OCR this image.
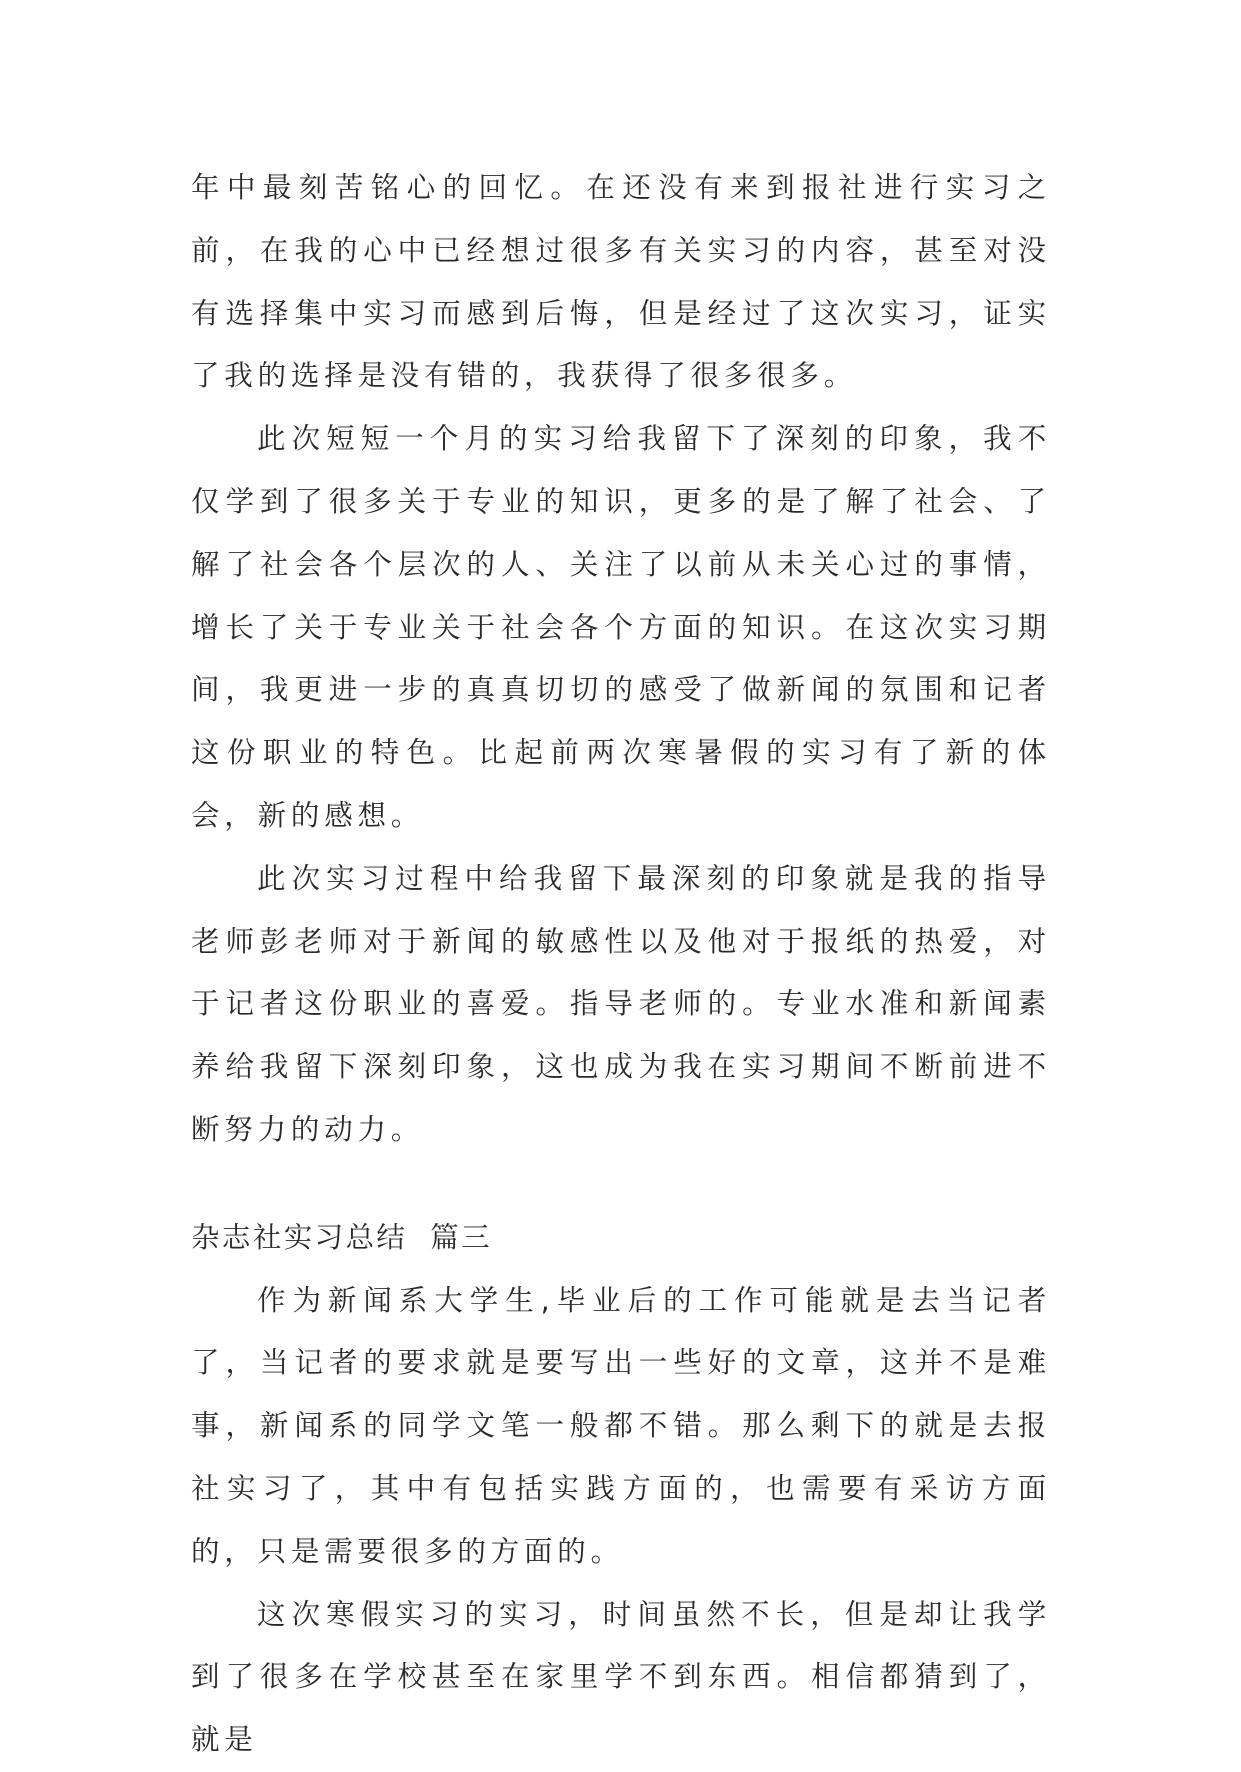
年中最刻苦铭心的回忆。在还没有来到报社进行实习之前，在我的心中已经想过很多有关实习的内容，甚至对没有选择集中实习而感到后悔，但是经过了这次实习，证实了我的选择是没有错的，我获得了很多很多。

此次短短一个月的实习给我留下了深刻的印象，我不仅学到了很多关于专业的知识，更多的是了解了社会、了解了社会各个层次的人、关注了以前从未关心过的事情，增长了关于专业关于社会各个方面的知识。在这次实习期间，我更进一步的真真切切的感受了做新闻的氛围和记者这份职业的特色。比起前两次寒暑假的实习有了新的体会，新的感想。

此次实习过程中给我留下最深刻的印象就是我的指导老师彭老师对于新闻的敏感性以及他对于报纸的热爱，对于记者这份职业的喜爱。指导老师的。专业水准和新闻素养给我留下深刻印象，这也成为我在实习期间不断前进不断努力的动力。

杂志社实习总结  篇三

作为新闻系大学生,毕业后的工作可能就是去当记者了，当记者的要求就是要写出一些好的文章，这并不是难事，新闻系的同学文笔一般都不错。那么剩下的就是去报社实习了，其中有包括实践方面的，也需要有采访方面的，只是需要很多的方面的。

这次寒假实习的实习，时间虽然不长，但是却让我学到了很多在学校甚至在家里学不到东西。相信都猜到了，就是
